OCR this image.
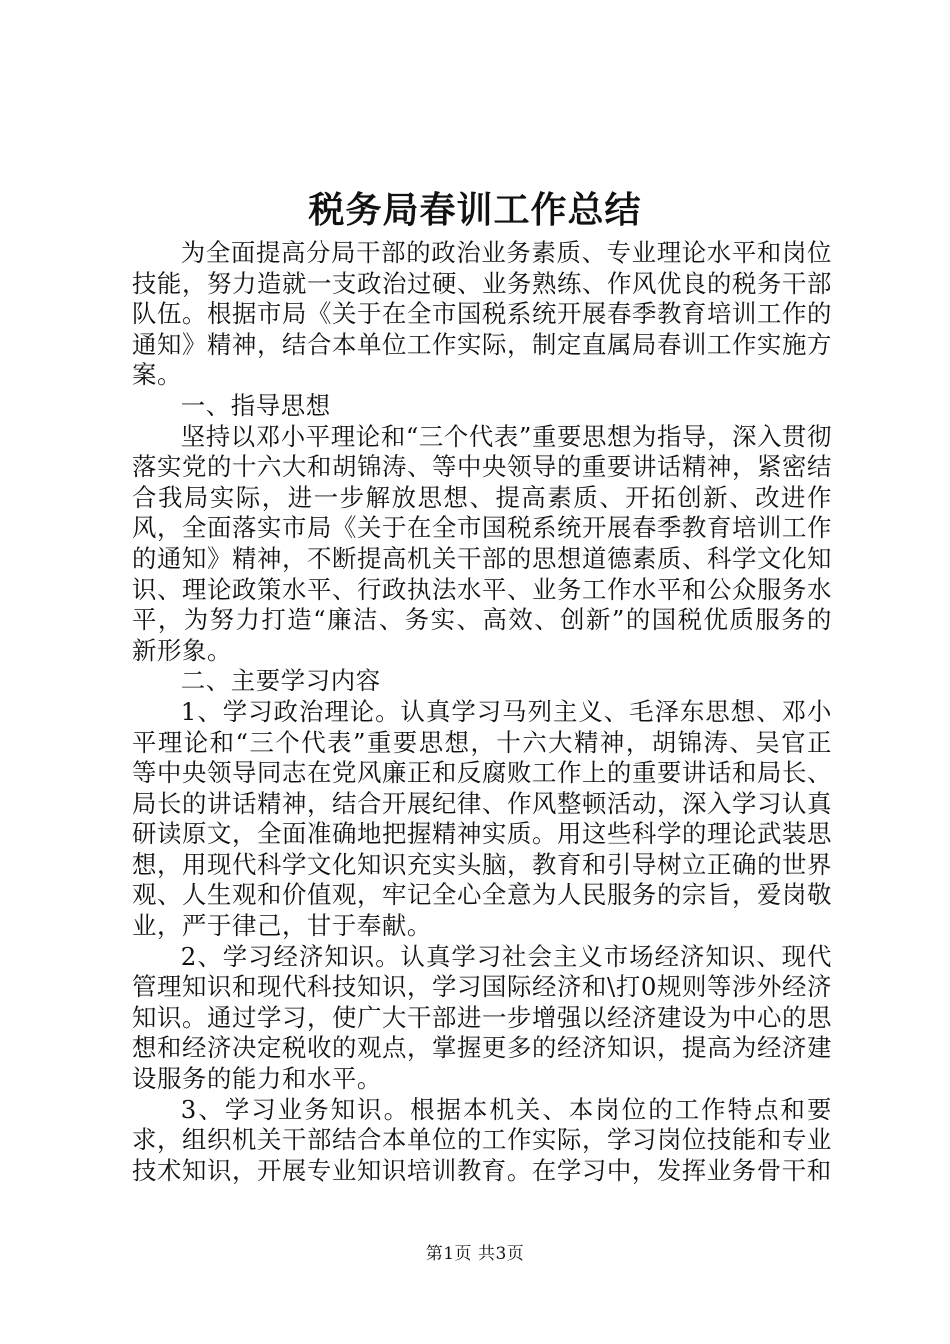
税务局春训工作总结

为全面提高分局干部的政治业务素质、专业理论水平和岗位技能，努力造就一支政治过硬、业务熟练、作风优良的税务干部队伍。根据市局《关于在全市国税系统开展春季教育培训工作的通知》精神，结合本单位工作实际，制定直属局春训工作实施方案。

一、指导思想

坚持以邓小平理论和“三个代表”重要思想为指导，深入贯彻落实党的十六大和胡锦涛、等中央领导的重要讲话精神，紧密结合我局实际，进一步解放思想、提高素质、开拓创新、改进作风，全面落实市局《关于在全市国税系统开展春季教育培训工作的通知》精神，不断提高机关干部的思想道德素质、科学文化知识、理论政策水平、行政执法水平、业务工作水平和公众服务水平，为努力打造“廉洁、务实、高效、创新”的国税优质服务的新形象。

二、主要学习内容

1、学习政治理论。认真学习马列主义、毛泽东思想、邓小平理论和“三个代表”重要思想，十六大精神，胡锦涛、吴官正等中央领导同志在党风廉正和反腐败工作上的重要讲话和局长、局长的讲话精神，结合开展纪律、作风整顿活动，深入学习认真研读原文，全面准确地把握精神实质。用这些科学的理论武装思想，用现代科学文化知识充实头脑，教育和引导树立正确的世界观、人生观和价值观，牢记全心全意为人民服务的宗旨，爱岗敬业，严于律己，甘于奉献。

2、学习经济知识。认真学习社会主义市场经济知识、现代管理知识和现代科技知识，学习国际经济和\打0规则等涉外经济知识。通过学习，使广大干部进一步增强以经济建设为中心的思想和经济决定税收的观点，掌握更多的经济知识，提高为经济建设服务的能力和水平。

3、学习业务知识。根据本机关、本岗位的工作特点和要求，组织机关干部结合本单位的工作实际，学习岗位技能和专业技术知识，开展专业知识培训教育。在学习中，发挥业务骨干和

第1页 共3页
